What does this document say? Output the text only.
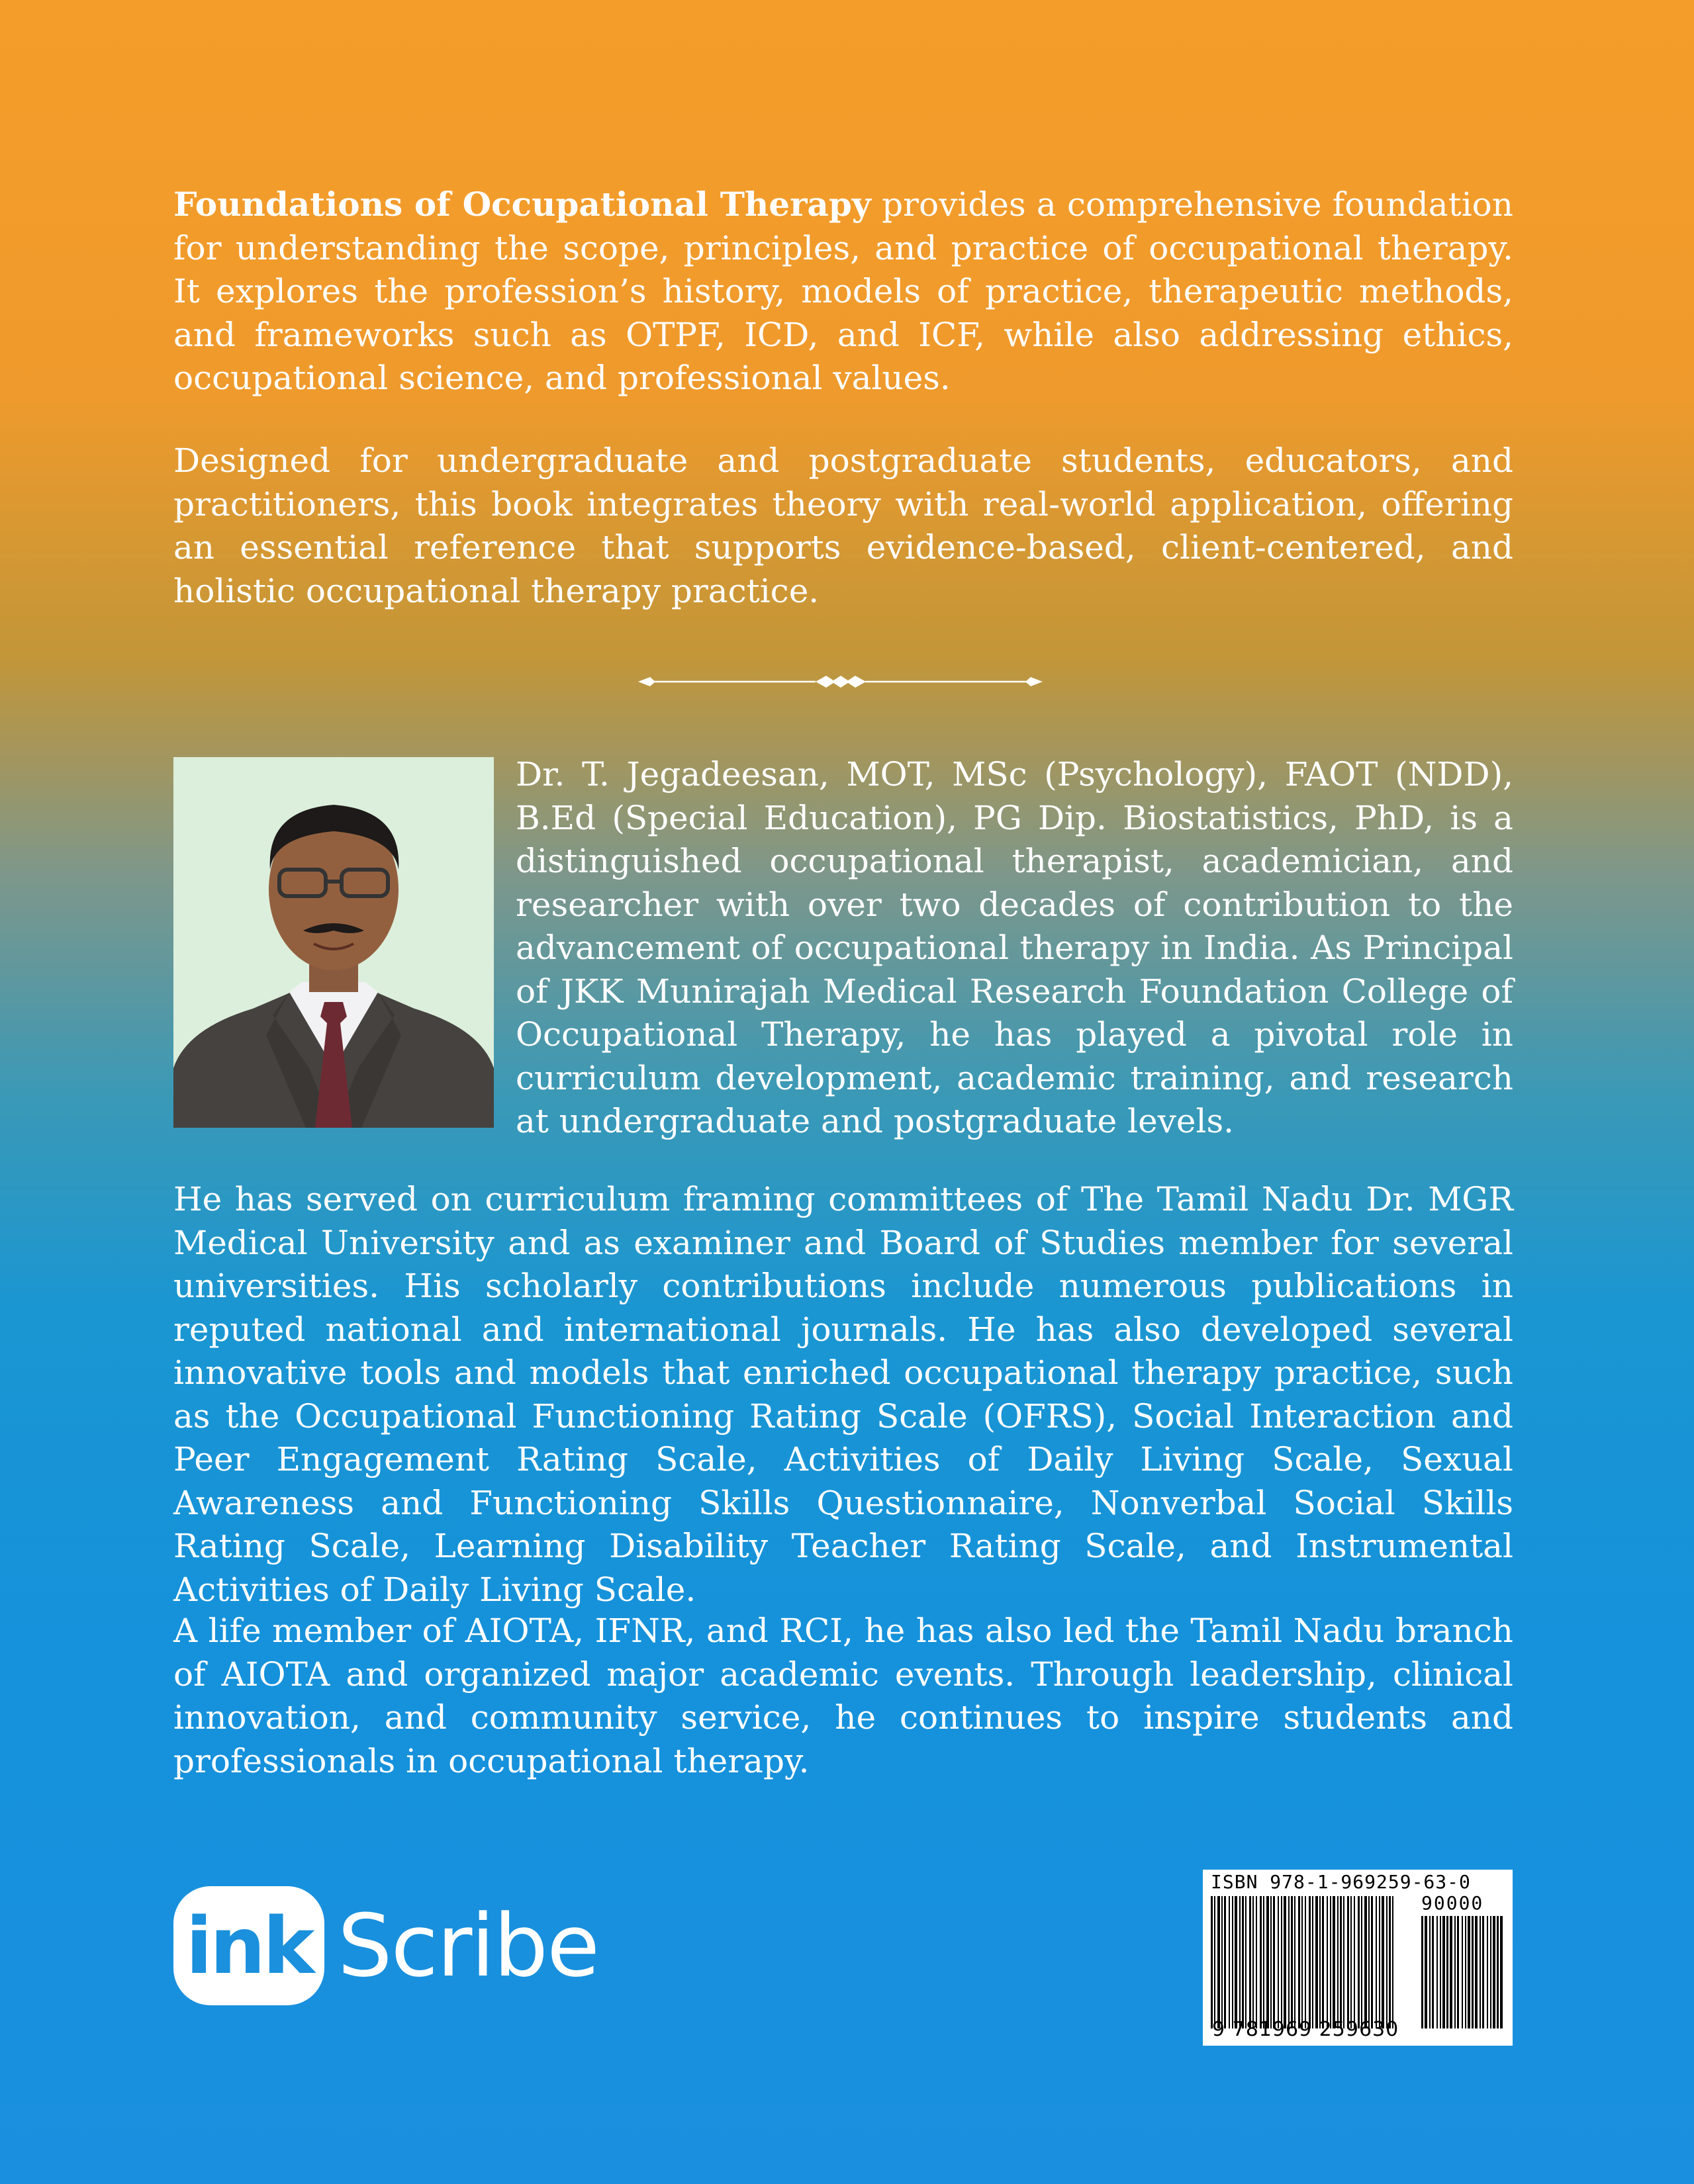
Foundations of Occupational Therapy provides a comprehensive foundation for understanding the scope, principles, and practice of occupational therapy. It explores the profession’s history, models of practice, therapeutic methods, and frameworks such as OTPF, ICD, and ICF, while also addressing ethics, occupational science, and professional values.

Designed for undergraduate and postgraduate students, educators, and practitioners, this book integrates theory with real-world application, offering an essential reference that supports evidence-based, client-centered, and holistic occupational therapy practice.

Dr. T. Jegadeesan, MOT, MSc (Psychology), FAOT (NDD), B.Ed (Special Education), PG Dip. Biostatistics, PhD, is a distinguished occupational therapist, academician, and researcher with over two decades of contribution to the advancement of occupational therapy in India. As Principal of JKK Munirajah Medical Research Foundation College of Occupational Therapy, he has played a pivotal role in curriculum development, academic training, and research at undergraduate and postgraduate levels.

He has served on curriculum framing committees of The Tamil Nadu Dr. MGR Medical University and as examiner and Board of Studies member for several universities. His scholarly contributions include numerous publications in reputed national and international journals. He has also developed several innovative tools and models that enriched occupational therapy practice, such as the Occupational Functioning Rating Scale (OFRS), Social Interaction and Peer Engagement Rating Scale, Activities of Daily Living Scale, Sexual Awareness and Functioning Skills Questionnaire, Nonverbal Social Skills Rating Scale, Learning Disability Teacher Rating Scale, and Instrumental Activities of Daily Living Scale.

A life member of AIOTA, IFNR, and RCI, he has also led the Tamil Nadu branch of AIOTA and organized major academic events. Through leadership, clinical innovation, and community service, he continues to inspire students and professionals in occupational therapy.

ink Scribe
ISBN 978-1-969259-63-0
90000
9 781969 259630
